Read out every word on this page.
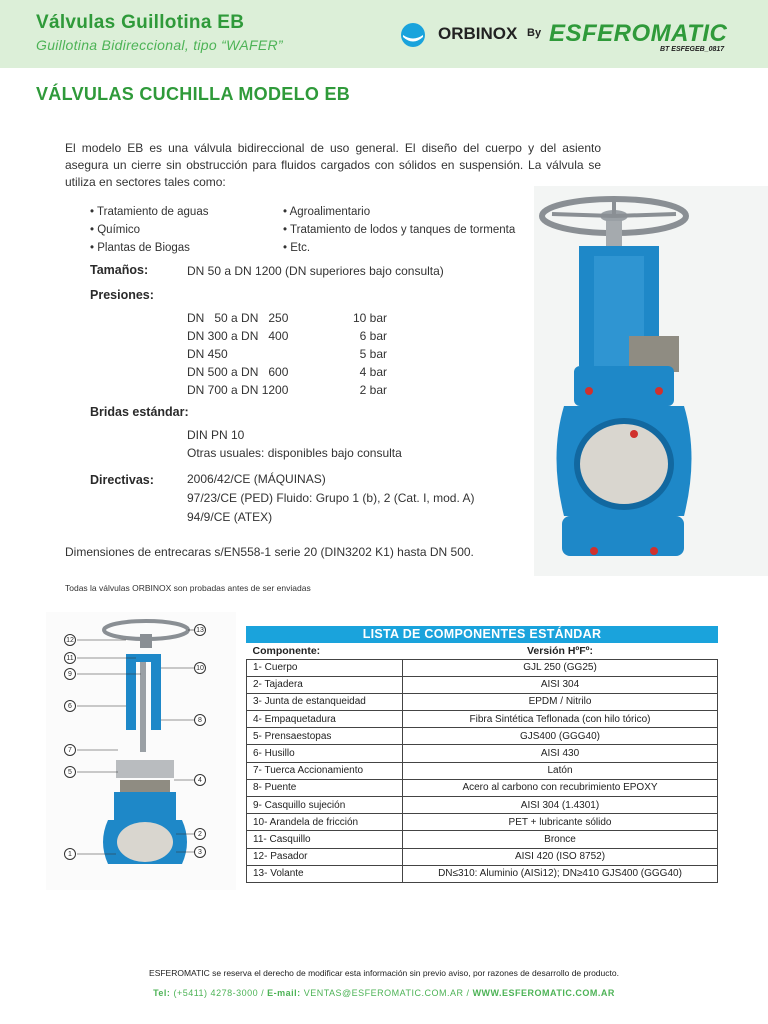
Válvulas Guillotina EB
Guillotina Bidireccional, tipo “WAFER”
ORBINOX By ESFEROMATIC
BT ESFEGEB_0817
VÁLVULAS CUCHILLA MODELO EB
El modelo EB es una válvula bidireccional de uso general. El diseño del cuerpo y del asiento asegura un cierre sin obstrucción para fluidos cargados con sólidos en suspensión. La válvula se utiliza en sectores tales como:
• Tratamiento de aguas
• Químico
• Plantas de Biogas
• Agroalimentario
• Tratamiento de lodos y tanques de tormenta
• Etc.
Tamaños:	DN 50 a DN 1200 (DN superiores bajo consulta)
Presiones:
DN   50 a DN   250	10 bar
DN 300 a DN   400	6 bar
DN 450	5 bar
DN 500 a DN   600	4 bar
DN 700 a DN 1200	2 bar
Bridas estándar:
DIN PN 10
Otras usuales: disponibles bajo consulta
Directivas:	2006/42/CE (MÁQUINAS)
97/23/CE (PED) Fluido: Grupo 1 (b), 2 (Cat. I, mod. A)
94/9/CE (ATEX)
Dimensiones de entrecaras s/EN558-1 serie 20 (DIN3202 K1) hasta DN 500.
Todas la válvulas ORBINOX son probadas antes de ser enviadas
1
2
3
4
5
6
7
8
9
10
11
12
13	LISTA DE COMPONENTES ESTÁNDAR
Componente:	Versión HºFº:
1- Cuerpo	GJL 250 (GG25)
2- Tajadera	AISI 304
3- Junta de estanqueidad	EPDM / Nitrilo
4- Empaquetadura	Fibra Sintética Teflonada (con hilo tórico)
5- Prensaestopas	GJS400 (GGG40)
6- Husillo	AISI 430
7- Tuerca Accionamiento	Latón
8- Puente	Acero al carbono con recubrimiento EPOXY
9- Casquillo sujeción	AISI 304 (1.4301)
10- Arandela de fricción	PET + lubricante sólido
11- Casquillo	Bronce
12- Pasador	AISI 420 (ISO 8752)
13- Volante	DN≤310: Aluminio (AISi12); DN≥410 GJS400 (GGG40)
ESFEROMATIC se reserva el derecho de modificar esta información sin previo aviso, por razones de desarrollo de producto.
Tel: (+5411) 4278-3000 / E-mail: VENTAS@ESFEROMATIC.COM.AR / WWW.ESFEROMATIC.COM.AR
